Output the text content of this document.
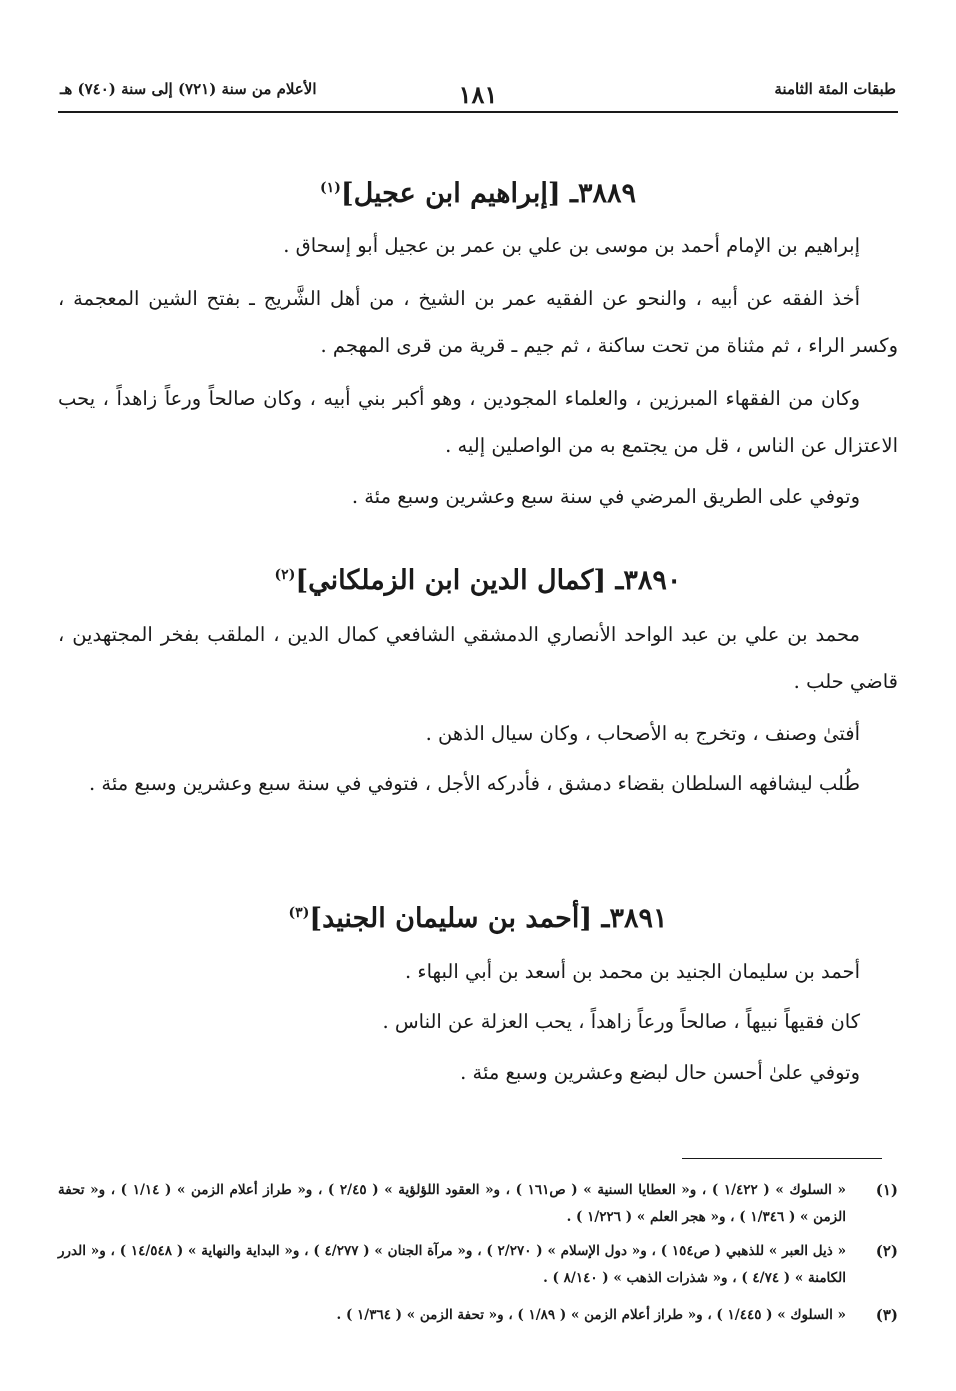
طبقات المئة الثامنة
١٨١
الأعلام من سنة (٧٢١) إلى سنة (٧٤٠) هـ
٣٨٨٩ـ [إبراهيم ابن عجيل]$^{(١)}$
إبراهيم بن الإمام أحمد بن موسى بن علي بن عمر بن عجيل أبو إسحاق .
أخذ الفقه عن أبيه ، والنحو عن الفقيه عمر بن الشيخ ، من أهل الشَّريج ـ بفتح الشين المعجمة ، وكسر الراء ، ثم مثناة من تحت ساكنة ، ثم جيم ـ قرية من قرى المهجم .
وكان من الفقهاء المبرزين ، والعلماء المجودين ، وهو أكبر بني أبيه ، وكان صالحاً ورعاً زاهداً ، يحب الاعتزال عن الناس ، قل من يجتمع به من الواصلين إليه .
وتوفي على الطريق المرضي في سنة سبع وعشرين وسبع مئة .
٣٨٩٠ـ [كمال الدين ابن الزملكاني]$^{(٢)}$
محمد بن علي بن عبد الواحد الأنصاري الدمشقي الشافعي كمال الدين ، الملقب بفخر المجتهدين ، قاضي حلب .
أفتىٰ وصنف ، وتخرج به الأصحاب ، وكان سيال الذهن .
طُلب ليشافهه السلطان بقضاء دمشق ، فأدركه الأجل ، فتوفي في سنة سبع وعشرين وسبع مئة .
٣٨٩١ـ [أحمد بن سليمان الجنيد]$^{(٣)}$
أحمد بن سليمان الجنيد بن محمد بن أسعد بن أبي البهاء .
كان فقيهاً نبيهاً ، صالحاً ورعاً زاهداً ، يحب العزلة عن الناس .
وتوفي علىٰ أحسن حال لبضع وعشرين وسبع مئة .
(١)
« السلوك » ( ١/٤٢٢ ) ، و« العطايا السنية » ( ص١٦١ ) ، و« العقود اللؤلؤية » ( ٢/٤٥ ) ، و« طراز أعلام الزمن » ( ١/١٤ ) ، و« تحفة الزمن » ( ١/٣٤٦ ) ، و« هجر العلم » ( ١/٢٢٦ ) .
(٢)
« ذيل العبر » للذهبي ( ص١٥٤ ) ، و« دول الإسلام » ( ٢/٢٧٠ ) ، و« مرآة الجنان » ( ٤/٢٧٧ ) ، و« البداية والنهاية » ( ١٤/٥٤٨ ) ، و« الدرر الكامنة » ( ٤/٧٤ ) ، و« شذرات الذهب » ( ٨/١٤٠ ) .
(٣)
« السلوك » ( ١/٤٤٥ ) ، و« طراز أعلام الزمن » ( ١/٨٩ ) ، و« تحفة الزمن » ( ١/٣٦٤ ) .
